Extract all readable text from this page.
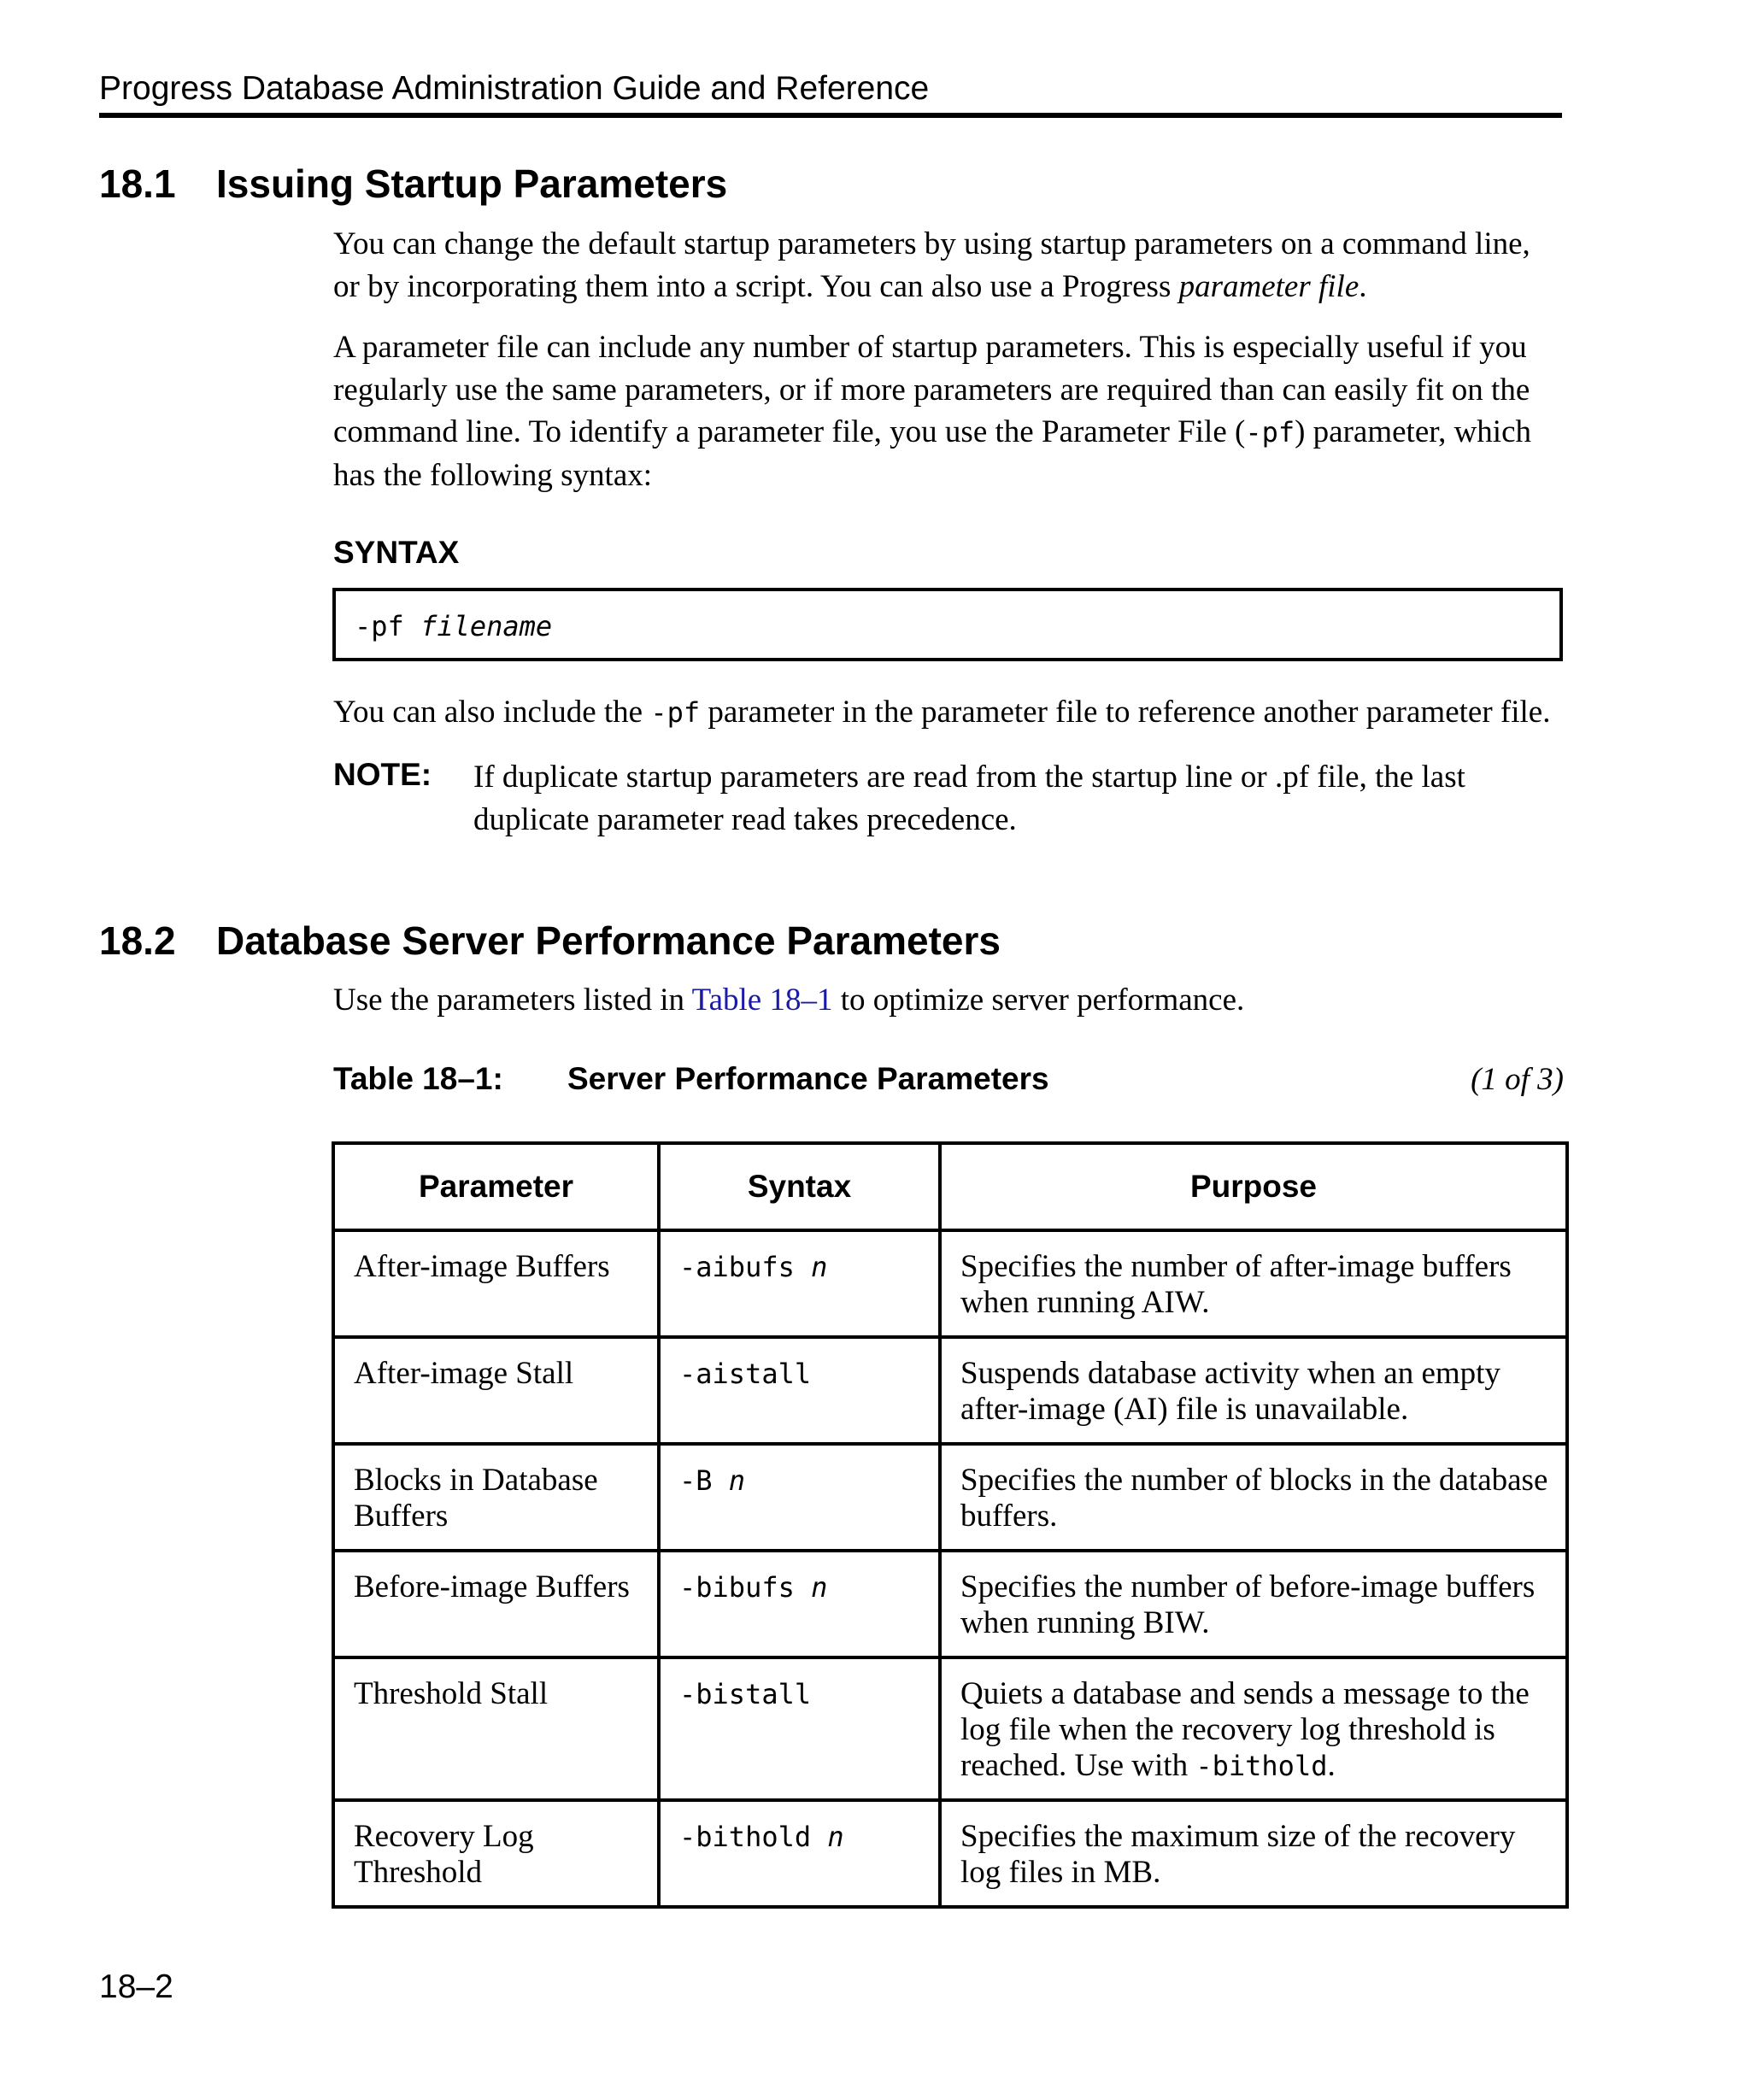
Progress Database Administration Guide and Reference
18.1 Issuing Startup Parameters

You can change the default startup parameters by using startup parameters on a command line, or by incorporating them into a script. You can also use a Progress parameter file.

A parameter file can include any number of startup parameters. This is especially useful if you regularly use the same parameters, or if more parameters are required than can easily fit on the command line. To identify a parameter file, you use the Parameter File (-pf) parameter, which has the following syntax:

SYNTAX
-pf filename

You can also include the -pf parameter in the parameter file to reference another parameter file.

NOTE: If duplicate startup parameters are read from the startup line or .pf file, the last duplicate parameter read takes precedence.

18.2 Database Server Performance Parameters

Use the parameters listed in Table 18–1 to optimize server performance.

Table 18–1: Server Performance Parameters	(1 of 3)
Parameter	Syntax	Purpose
After-image Buffers	-aibufs n	Specifies the number of after-image buffers when running AIW.
After-image Stall	-aistall	Suspends database activity when an empty after-image (AI) file is unavailable.
Blocks in Database Buffers	-B n	Specifies the number of blocks in the database buffers.
Before-image Buffers	-bibufs n	Specifies the number of before-image buffers when running BIW.
Threshold Stall	-bistall	Quiets a database and sends a message to the log file when the recovery log threshold is reached. Use with -bithold.
Recovery Log Threshold	-bithold n	Specifies the maximum size of the recovery log files in MB.
18–2
